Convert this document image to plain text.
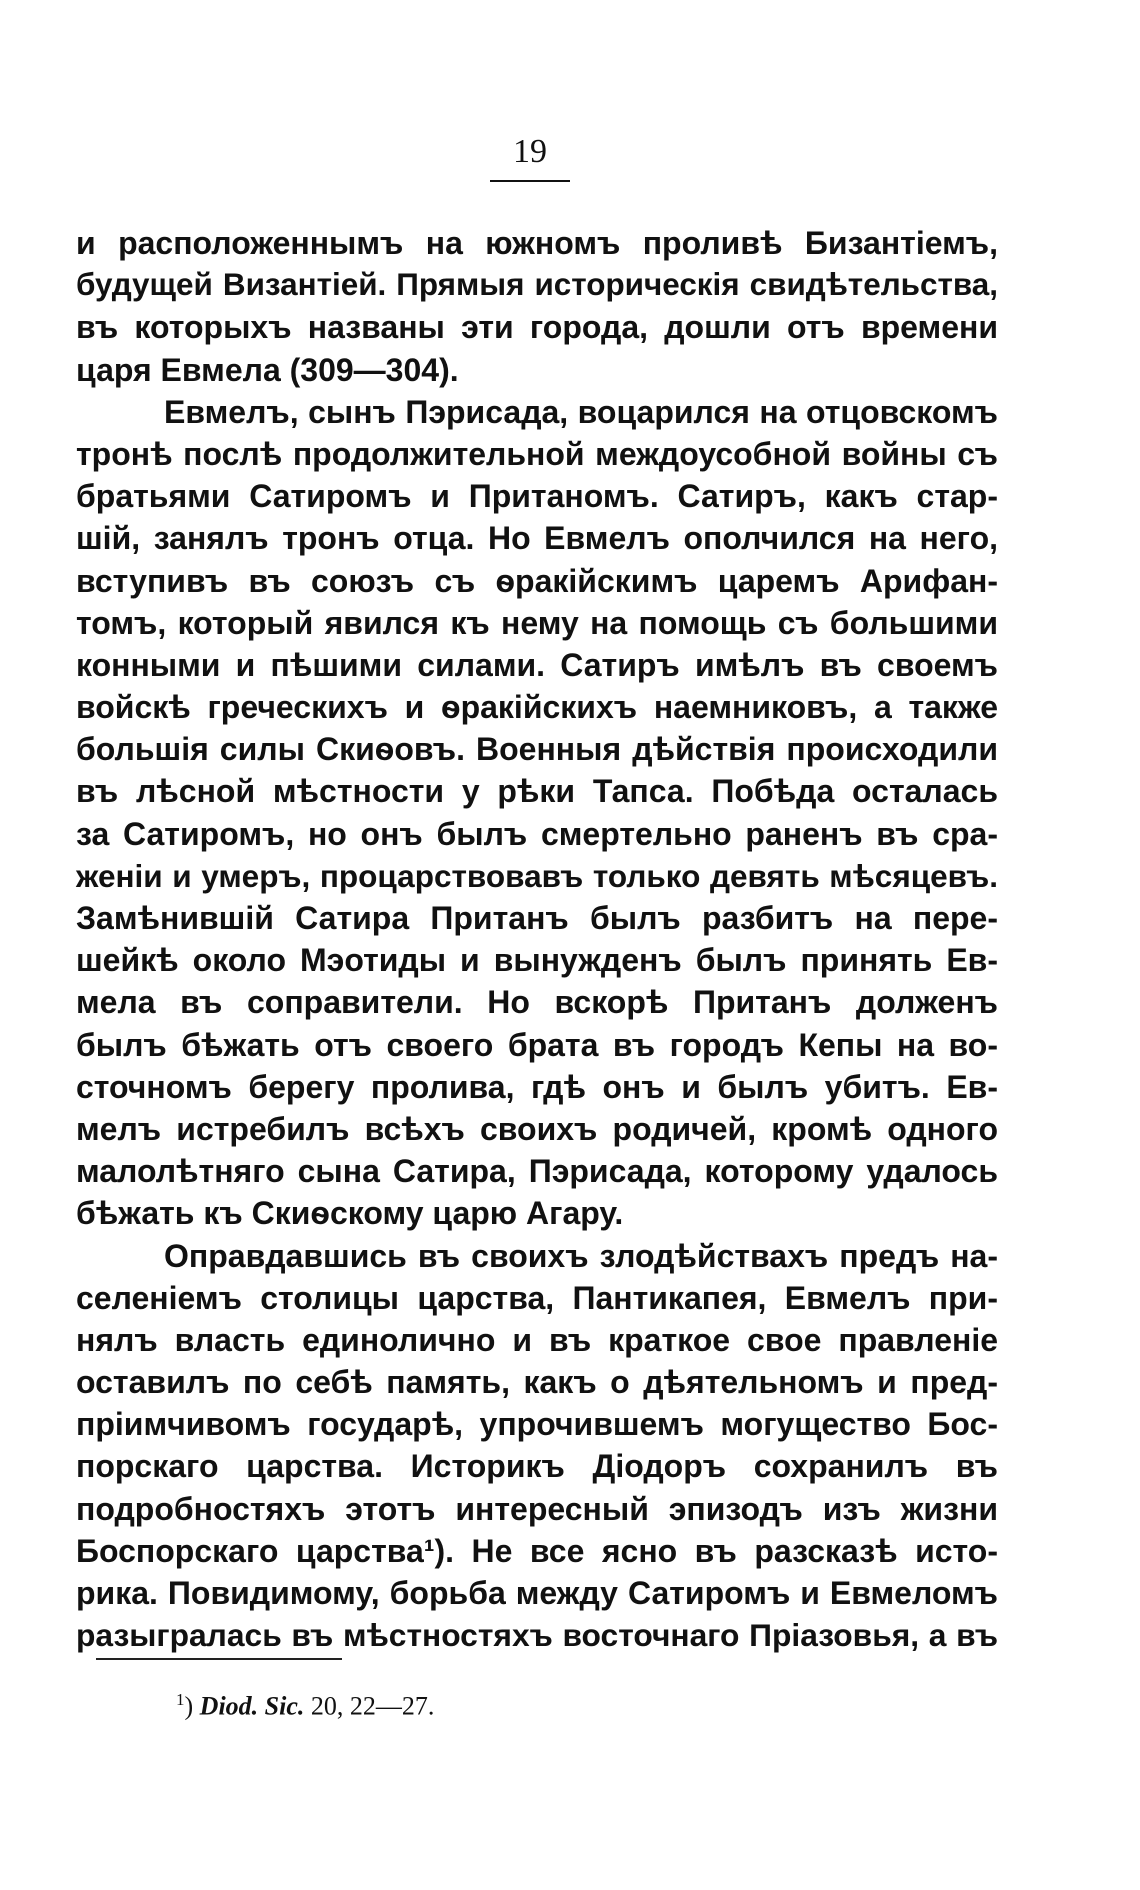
19
и расположеннымъ на южномъ проливѣ Бизантіемъ,
будущей Византіей. Прямыя историческія свидѣтельства,
въ которыхъ названы эти города, дошли отъ времени
царя Евмела (309—304).
Евмелъ, сынъ Пэрисада, воцарился на отцовскомъ
тронѣ послѣ продолжительной междоусобной войны съ
братьями Сатиромъ и Пританомъ. Сатиръ, какъ стар-
шій, занялъ тронъ отца. Но Евмелъ ополчился на него,
вступивъ въ союзъ съ ѳракійскимъ царемъ Арифан-
томъ, который явился къ нему на помощь съ большими
конными и пѣшими силами. Сатиръ имѣлъ въ своемъ
войскѣ греческихъ и ѳракійскихъ наемниковъ, а также
большія силы Скиѳовъ. Военныя дѣйствія происходили
въ лѣсной мѣстности у рѣки Тапса. Побѣда осталась
за Сатиромъ, но онъ былъ смертельно раненъ въ сра-
женіи и умеръ, процарствовавъ только девять мѣсяцевъ.
Замѣнившій Сатира Пританъ былъ разбитъ на пере-
шейкѣ около Мэотиды и вынужденъ былъ принять Ев-
мела въ соправители. Но вскорѣ Пританъ долженъ
былъ бѣжать отъ своего брата въ городъ Кепы на во-
сточномъ берегу пролива, гдѣ онъ и былъ убитъ. Ев-
мелъ истребилъ всѣхъ своихъ родичей, кромѣ одного
малолѣтняго сына Сатира, Пэрисада, которому удалось
бѣжать къ Скиѳскому царю Агару.
Оправдавшись въ своихъ злодѣйствахъ предъ на-
селеніемъ столицы царства, Пантикапея, Евмелъ при-
нялъ власть единолично и въ краткое свое правленіе
оставилъ по себѣ память, какъ о дѣятельномъ и пред-
пріимчивомъ государѣ, упрочившемъ могущество Бос-
порскаго царства. Историкъ Діодоръ сохранилъ въ
подробностяхъ этотъ интересный эпизодъ изъ жизни
Боспорскаго царства¹). Не все ясно въ разсказѣ исто-
рика. Повидимому, борьба между Сатиромъ и Евмеломъ
разыгралась въ мѣстностяхъ восточнаго Пріазовья, а въ
$^1$) Diod. Sic. 20, 22—27.
